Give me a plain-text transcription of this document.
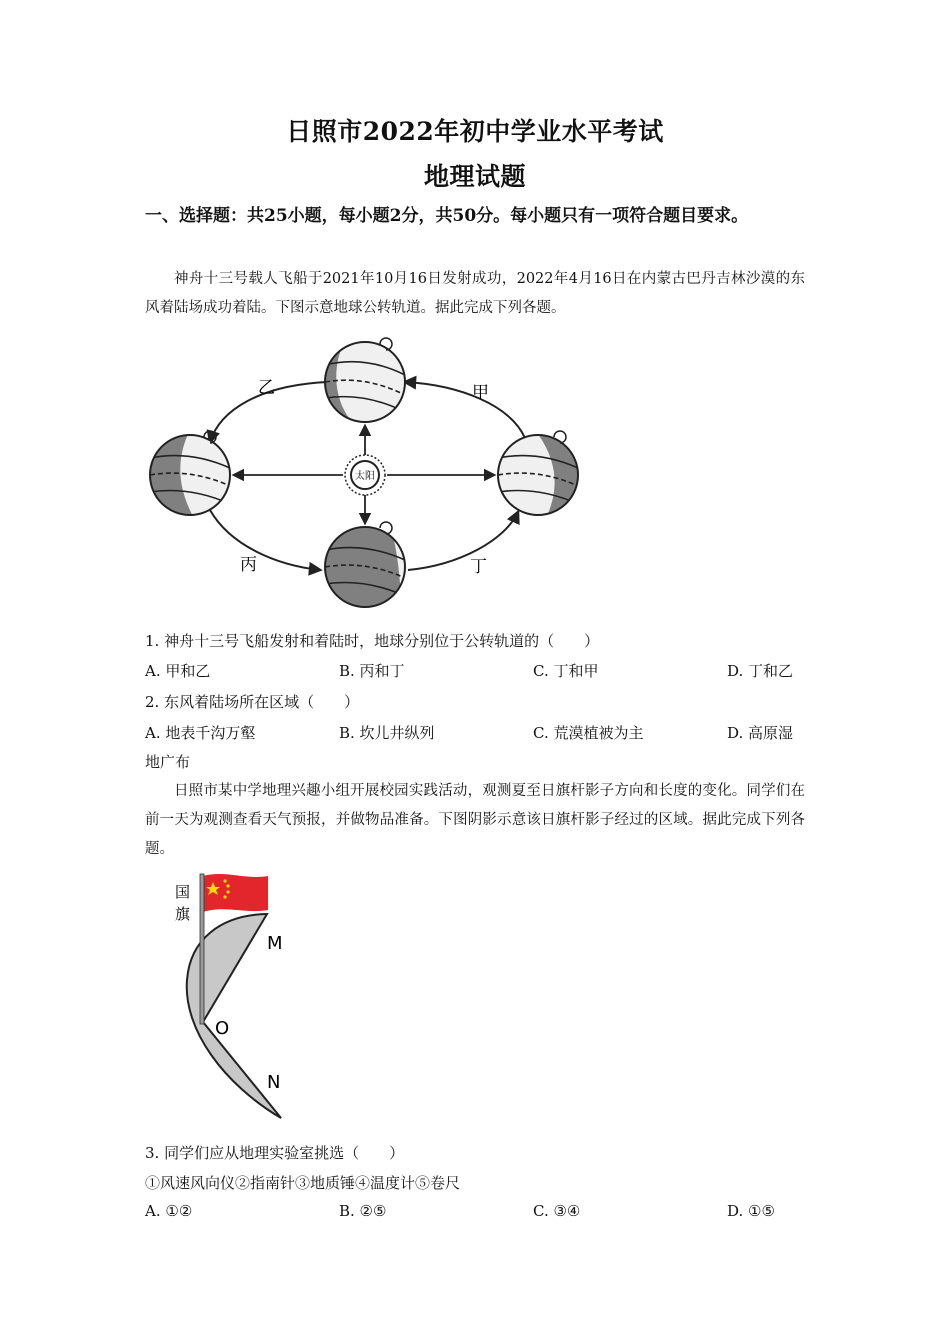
日照市2022年初中学业水平考试
地理试题
一、选择题：共25小题，每小题2分，共50分。每小题只有一项符合题目要求。
神舟十三号载人飞船于2021年10月16日发射成功，2022年4月16日在内蒙古巴丹吉林沙漠的东风着陆场成功着陆。下图示意地球公转轨道。据此完成下列各题。
太阳
乙	甲
丙	丁
1. 神舟十三号飞船发射和着陆时，地球分别位于公转轨道的（　　）
A. 甲和乙	B. 丙和丁	C. 丁和甲	D. 丁和乙
2. 东风着陆场所在区域（　　）
A. 地表千沟万壑	B. 坎儿井纵列	C. 荒漠植被为主	D. 高原湿
地广布
日照市某中学地理兴趣小组开展校园实践活动，观测夏至日旗杆影子方向和长度的变化。同学们在前一天为观测查看天气预报，并做物品准备。下图阴影示意该日旗杆影子经过的区域。据此完成下列各题。
国
旗
M
O
N
3. 同学们应从地理实验室挑选（　　）
①风速风向仪②指南针③地质锤④温度计⑤卷尺
A. ①②	B. ②⑤	C. ③④	D. ①⑤
